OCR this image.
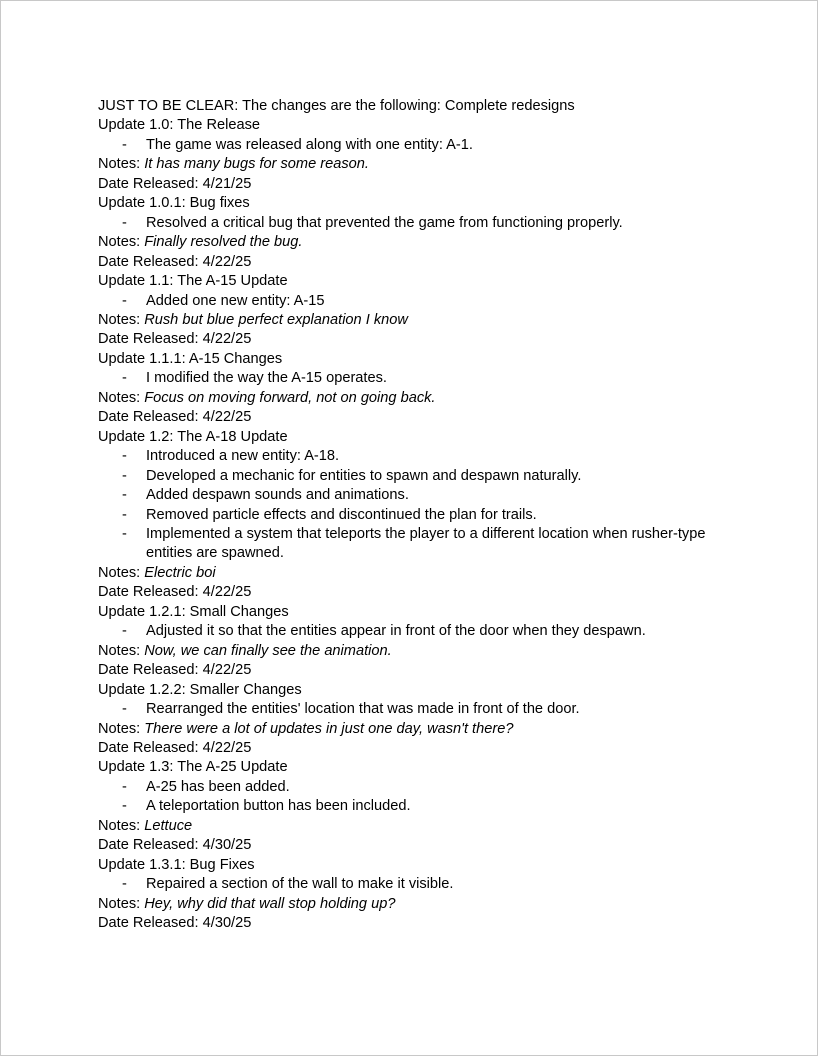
JUST TO BE CLEAR: The changes are the following: Complete redesigns

Update 1.0: The Release

- The game was released along with one entity: A-1.

Notes: It has many bugs for some reason.

Date Released: 4/21/25

Update 1.0.1: Bug fixes

- Resolved a critical bug that prevented the game from functioning properly.

Notes: Finally resolved the bug.

Date Released: 4/22/25

Update 1.1: The A-15 Update

- Added one new entity: A-15

Notes: Rush but blue perfect explanation I know

Date Released: 4/22/25

Update 1.1.1: A-15 Changes

- I modified the way the A-15 operates.

Notes: Focus on moving forward, not on going back.

Date Released: 4/22/25

Update 1.2: The A-18 Update

- Introduced a new entity: A-18.
- Developed a mechanic for entities to spawn and despawn naturally.
- Added despawn sounds and animations.
- Removed particle effects and discontinued the plan for trails.
- Implemented a system that teleports the player to a different location when rusher-type entities are spawned.

Notes: Electric boi

Date Released: 4/22/25

Update 1.2.1: Small Changes

- Adjusted it so that the entities appear in front of the door when they despawn.

Notes: Now, we can finally see the animation.

Date Released: 4/22/25

Update 1.2.2: Smaller Changes

- Rearranged the entities' location that was made in front of the door.

Notes: There were a lot of updates in just one day, wasn't there?

Date Released: 4/22/25

Update 1.3: The A-25 Update

- A-25 has been added.
- A teleportation button has been included.

Notes: Lettuce

Date Released: 4/30/25

Update 1.3.1: Bug Fixes

- Repaired a section of the wall to make it visible.

Notes: Hey, why did that wall stop holding up?

Date Released: 4/30/25
